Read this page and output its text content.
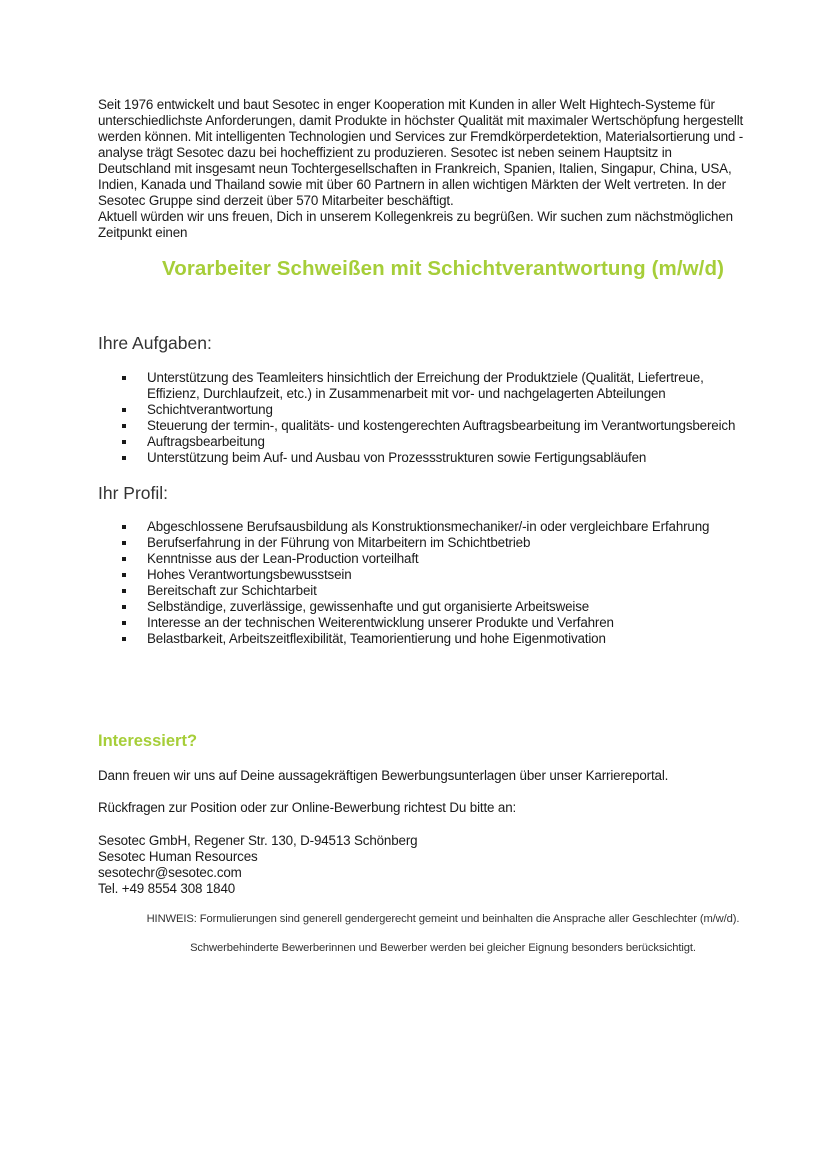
Seit 1976 entwickelt und baut Sesotec in enger Kooperation mit Kunden in aller Welt Hightech-Systeme für

unterschiedlichste Anforderungen, damit Produkte in höchster Qualität mit maximaler Wertschöpfung hergestellt

werden können. Mit intelligenten Technologien und Services zur Fremdkörperdetektion, Materialsortierung und -

analyse trägt Sesotec dazu bei hocheffizient zu produzieren. Sesotec ist neben seinem Hauptsitz in

Deutschland mit insgesamt neun Tochtergesellschaften in Frankreich, Spanien, Italien, Singapur, China, USA,

Indien, Kanada und Thailand sowie mit über 60 Partnern in allen wichtigen Märkten der Welt vertreten. In der

Sesotec Gruppe sind derzeit über 570 Mitarbeiter beschäftigt.

Aktuell würden wir uns freuen, Dich in unserem Kollegenkreis zu begrüßen. Wir suchen zum nächstmöglichen

Zeitpunkt einen

Vorarbeiter Schweißen mit Schichtverantwortung (m/w/d)
Ihre Aufgaben:
Unterstützung des Teamleiters hinsichtlich der Erreichung der Produktziele (Qualität, Liefertreue,
Effizienz, Durchlaufzeit, etc.) in Zusammenarbeit mit vor- und nachgelagerten Abteilungen
Schichtverantwortung
Steuerung der termin-, qualitäts- und kostengerechten Auftragsbearbeitung im Verantwortungsbereich
Auftragsbearbeitung
Unterstützung beim Auf- und Ausbau von Prozessstrukturen sowie Fertigungsabläufen
Ihr Profil:
Abgeschlossene Berufsausbildung als Konstruktionsmechaniker/-in oder vergleichbare Erfahrung
Berufserfahrung in der Führung von Mitarbeitern im Schichtbetrieb
Kenntnisse aus der Lean-Production vorteilhaft
Hohes Verantwortungsbewusstsein
Bereitschaft zur Schichtarbeit
Selbständige, zuverlässige, gewissenhafte und gut organisierte Arbeitsweise
Interesse an der technischen Weiterentwicklung unserer Produkte und Verfahren
Belastbarkeit, Arbeitszeitflexibilität, Teamorientierung und hohe Eigenmotivation
Interessiert?

Dann freuen wir uns auf Deine aussagekräftigen Bewerbungsunterlagen über unser Karriereportal.

Rückfragen zur Position oder zur Online-Bewerbung richtest Du bitte an:

Sesotec GmbH, Regener Str. 130, D-94513 Schönberg

Sesotec Human Resources

sesotechr@sesotec.com

Tel. +49 8554 308 1840

HINWEIS: Formulierungen sind generell gendergerecht gemeint und beinhalten die Ansprache aller Geschlechter (m/w/d).
Schwerbehinderte Bewerberinnen und Bewerber werden bei gleicher Eignung besonders berücksichtigt.
